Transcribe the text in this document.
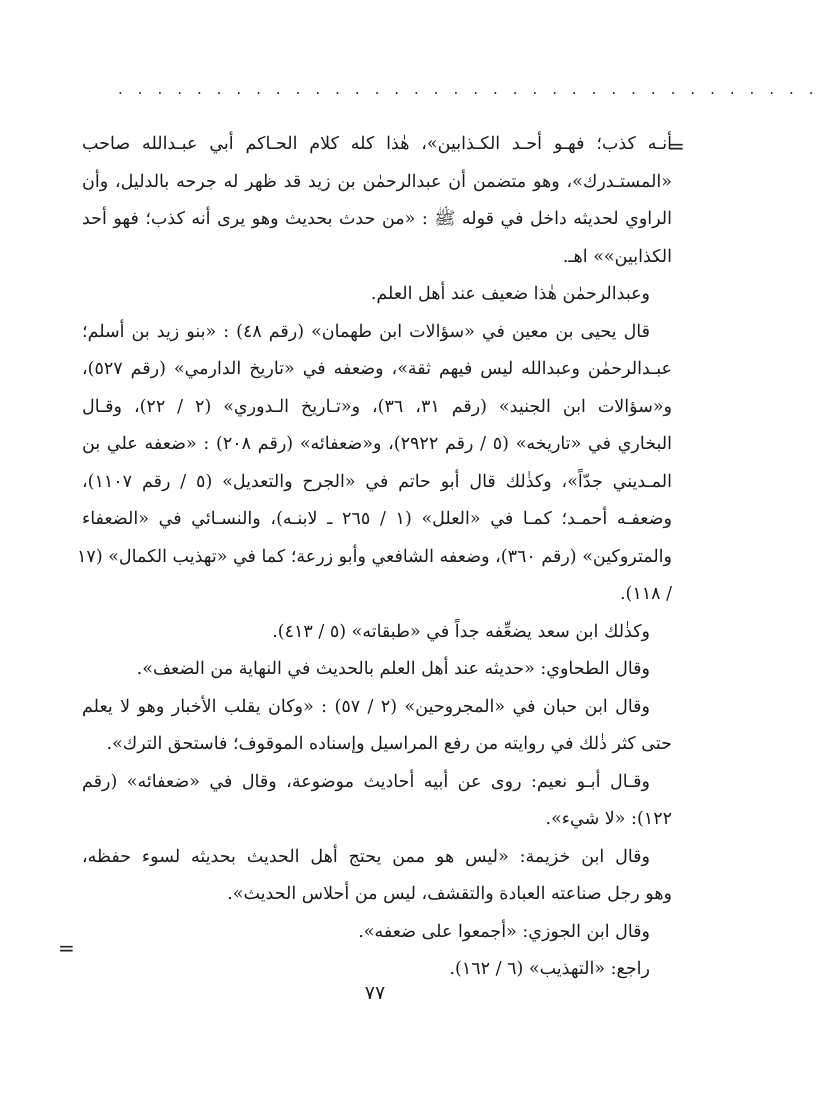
. . . . . . . . . . . . . . . . . . . . . . . . . . . . . . . . . . . .
=
أنـه كذب؛ فهـو أحـد الكـذابين»، هٰذا كله كلام الحـاكم أبي عبـدالله صاحب
«المستـدرك»، وهو متضمن أن عبدالرحمٰن بن زيد قد ظهر له جرحه بالدليل، وأن
الراوي لحديثه داخل في قوله ﷺ : «من حدث بحديث وهو يرى أنه كذب؛ فهو أحد
الكذابين»» اهـ.
وعبدالرحمٰن هٰذا ضعيف عند أهل العلم.
قال يحيى بن معين في «سؤالات ابن طهمان» (رقم ٤٨) : «بنو زيد بن أسلم؛
عبـدالرحمٰن وعبدالله ليس فيهم ثقة»، وضعفه في «تاريخ الدارمي» (رقم ٥٢٧)،
و«سؤالات ابن الجنيد» (رقم ٣١، ٣٦)، و«تـاريخ الـدوري» (٢ / ٢٢)، وقـال
البخاري في «تاريخه» (٥ / رقم ٢٩٢٢)، و«ضعفائه» (رقم ٢٠٨) : «ضعفه علي بن
المـديني جدّاً»، وكذٰلك قال أبو حاتم في «الجرح والتعديل» (٥ / رقم ١١٠٧)،
وضعفـه أحمـد؛ كمـا في «العلل» (١ / ٢٦٥ ـ لابنـه)، والنسـائي في «الضعفاء
والمتروكين» (رقم ٣٦٠)، وضعفه الشافعي وأبو زرعة؛ كما في «تهذيب الكمال» (١٧
/ ١١٨).
وكذٰلك ابن سعد يضعِّفه جداً في «طبقاته» (٥ / ٤١٣).
وقال الطحاوي: «حديثه عند أهل العلم بالحديث في النهاية من الضعف».
وقال ابن حبان في «المجروحين» (٢ / ٥٧) : «وكان يقلب الأخبار وهو لا يعلم
حتى كثر ذٰلك في روايته من رفع المراسيل وإسناده الموقوف؛ فاستحق الترك».
وقـال أبـو نعيم: روى عن أبيه أحاديث موضوعة، وقال في «ضعفائه» (رقم
١٢٢): «لا شيء».
وقال ابن خزيمة: «ليس هو ممن يحتج أهل الحديث بحديثه لسوء حفظه،
وهو رجل صناعته العبادة والتقشف، ليس من أحلاس الحديث».
وقال ابن الجوزي: «أجمعوا على ضعفه».
راجع: «التهذيب» (٦ / ١٦٢).
=
٧٧
